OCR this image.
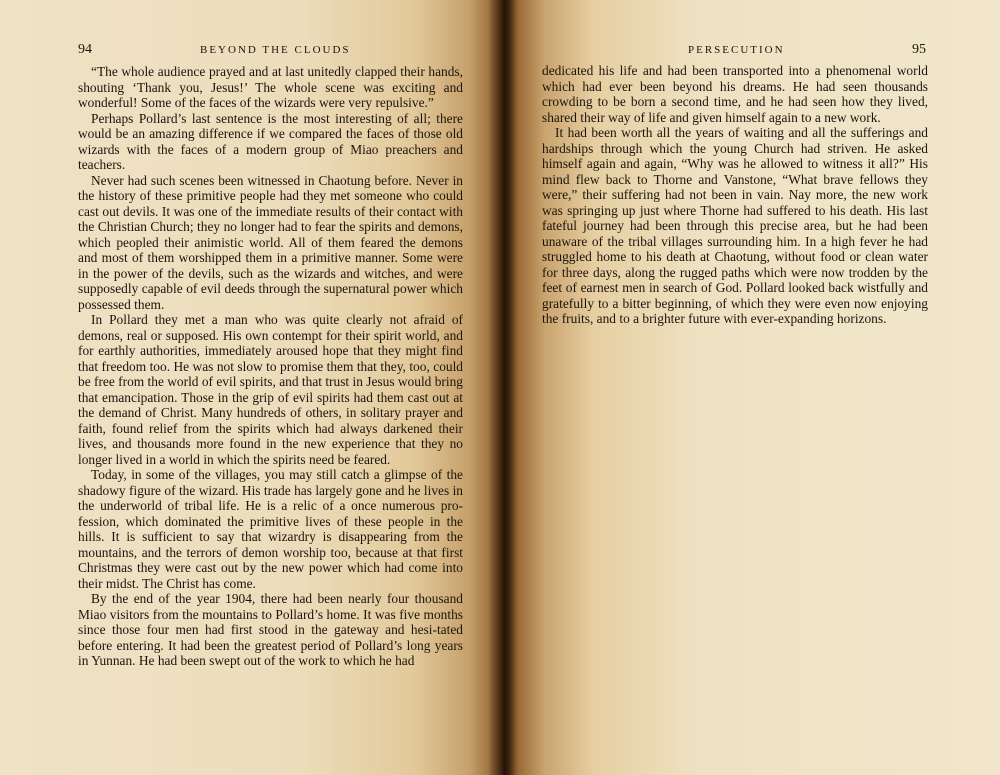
94	BEYOND THE CLOUDS

“The whole audience prayed and at last unitedly clapped their hands, shouting ‘Thank you, Jesus!’ The whole scene was exciting and wonderful! Some of the faces of the wizards were very repulsive.”

Perhaps Pollard’s last sentence is the most interesting of all; there would be an amazing difference if we compared the faces of those old wizards with the faces of a modern group of Miao preachers and teachers.

Never had such scenes been witnessed in Chaotung before. Never in the history of these primitive people had they met someone who could cast out devils. It was one of the immediate results of their contact with the Christian Church; they no longer had to fear the spirits and demons, which peopled their animistic world. All of them feared the demons and most of them worshipped them in a primitive manner. Some were in the power of the devils, such as the wizards and witches, and were supposedly capable of evil deeds through the supernatural power which possessed them.

In Pollard they met a man who was quite clearly not afraid of demons, real or supposed. His own contempt for their spirit world, and for earthly authorities, immediately aroused hope that they might find that freedom too. He was not slow to promise them that they, too, could be free from the world of evil spirits, and that trust in Jesus would bring that emancipation. Those in the grip of evil spirits had them cast out at the demand of Christ. Many hundreds of others, in solitary prayer and faith, found relief from the spirits which had always darkened their lives, and thousands more found in the new experience that they no longer lived in a world in which the spirits need be feared.

Today, in some of the villages, you may still catch a glimpse of the shadowy figure of the wizard. His trade has largely gone and he lives in the underworld of tribal life. He is a relic of a once numerous pro-fession, which dominated the primitive lives of these people in the hills. It is sufficient to say that wizardry is disappearing from the mountains, and the terrors of demon worship too, because at that first Christmas they were cast out by the new power which had come into their midst. The Christ has come.

By the end of the year 1904, there had been nearly four thousand Miao visitors from the mountains to Pollard’s home. It was five months since those four men had first stood in the gateway and hesi-tated before entering. It had been the greatest period of Pollard’s long years in Yunnan. He had been swept out of the work to which he had

PERSECUTION	95

dedicated his life and had been transported into a phenomenal world which had ever been beyond his dreams. He had seen thousands crowding to be born a second time, and he had seen how they lived, shared their way of life and given himself again to a new work.

It had been worth all the years of waiting and all the sufferings and hardships through which the young Church had striven. He asked himself again and again, “Why was he allowed to witness it all?” His mind flew back to Thorne and Vanstone, “What brave fellows they were,” their suffering had not been in vain. Nay more, the new work was springing up just where Thorne had suffered to his death. His last fateful journey had been through this precise area, but he had been unaware of the tribal villages surrounding him. In a high fever he had struggled home to his death at Chaotung, without food or clean water for three days, along the rugged paths which were now trodden by the feet of earnest men in search of God. Pollard looked back wistfully and gratefully to a bitter beginning, of which they were even now enjoying the fruits, and to a brighter future with ever-expanding horizons.
